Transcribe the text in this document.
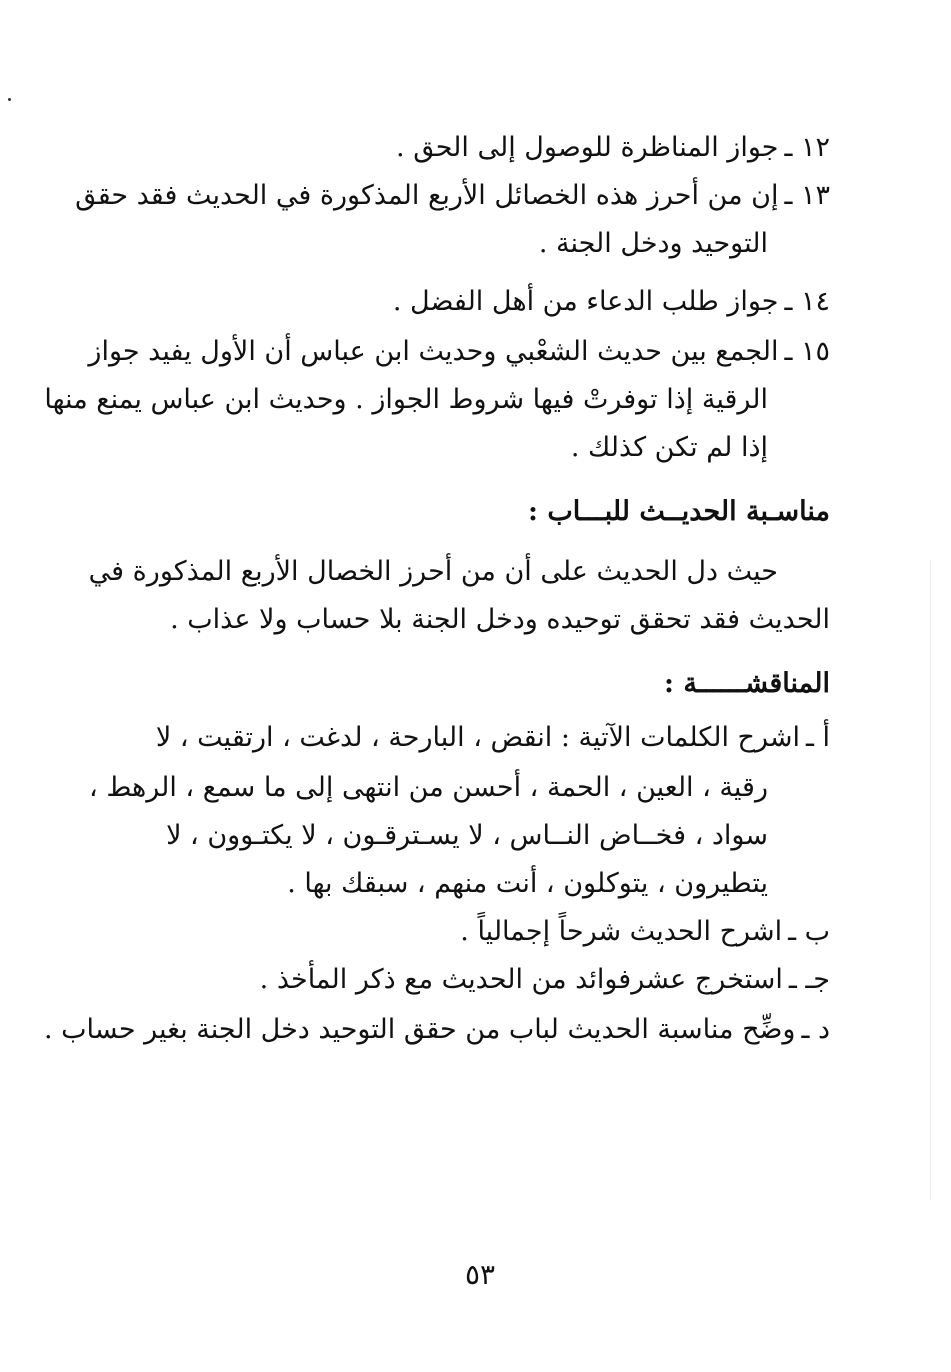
١٢ ـجواز المناظرة للوصول إلى الحق .
١٣ ـإن من أحرز هذه الخصائل الأربع المذكورة في الحديث فقد حقق
التوحيد ودخل الجنة .
١٤ ـجواز طلب الدعاء من أهل الفضل .
١٥ ـالجمع بين حديث الشعْبي وحديث ابن عباس أن الأول يفيد جواز
الرقية إذا توفرتْ فيها شروط الجواز . وحديث ابن عباس يمنع منها
إذا لم تكن كذلك .
مناسـبة الحديــث للبـــاب :
حيث دل الحديث على أن من أحرز الخصال الأربع المذكورة في
الحديث فقد تحقق توحيده ودخل الجنة بلا حساب ولا عذاب .
المناقشــــــة :
أ ـاشرح الكلمات الآتية : انقض ، البارحة ، لدغت ، ارتقيت ، لا
رقية ، العين ، الحمة ، أحسن من انتهى إلى ما سمع ، الرهط ،
سواد ، فخــاض النــاس ، لا يسـترقـون ، لا يكتـوون ، لا
يتطيرون ، يتوكلون ، أنت منهم ، سبقك بها .
ب ـاشرح الحديث شرحاً إجمالياً .
جـ ـاستخرج عشرفوائد من الحديث مع ذكر المأخذ .
د ـوضِّح مناسبة الحديث لباب من حقق التوحيد دخل الجنة بغير حساب .
٥٣
